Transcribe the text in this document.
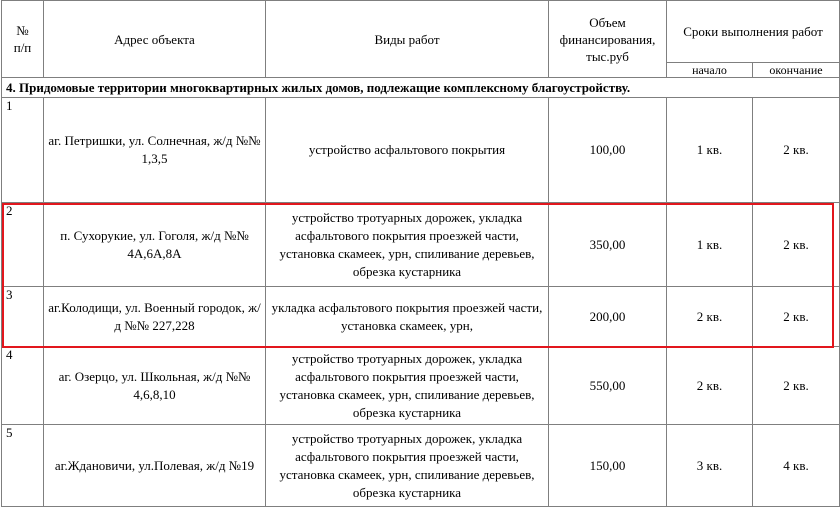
№
п/п	Адрес объекта	Виды работ	Объем финансирования, тыс.руб	Сроки выполнения работ	
				начало	окончание
4. Придомовые территории многоквартирных жилых домов, подлежащие комплексному благоустройству.					
1	аг. Петришки, ул. Солнечная, ж/д №№ 1,3,5	устройство асфальтового покрытия	100,00	1 кв.	2 кв.
2	п. Сухорукие, ул. Гоголя, ж/д №№ 4А,6А,8А	устройство тротуарных дорожек, укладка асфальтового покрытия проезжей части, установка скамеек, урн, спиливание деревьев, обрезка кустарника	350,00	1 кв.	2 кв.
3	аг.Колодищи, ул. Военный городок, ж/д №№ 227,228	укладка асфальтового покрытия проезжей части, установка скамеек, урн,	200,00	2 кв.	2 кв.
4	аг. Озерцо, ул. Школьная, ж/д №№ 4,6,8,10	устройство тротуарных дорожек, укладка асфальтового покрытия проезжей части, установка скамеек, урн, спиливание деревьев, обрезка кустарника	550,00	2 кв.	2 кв.
5	аг.Ждановичи, ул.Полевая, ж/д №19	устройство тротуарных дорожек, укладка асфальтового покрытия проезжей части, установка скамеек, урн, спиливание деревьев, обрезка кустарника	150,00	3 кв.	4 кв.
